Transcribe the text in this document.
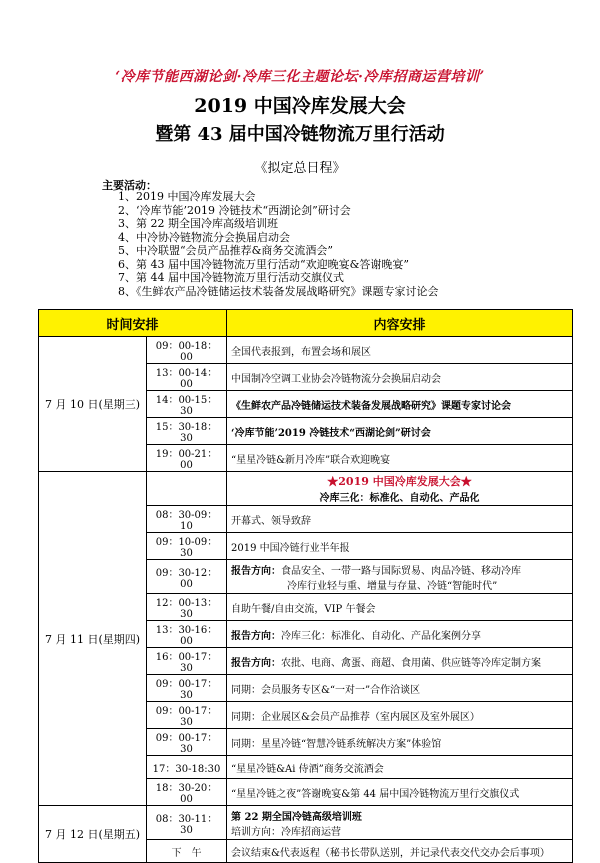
‘冷库节能西湖论剑·冷库三化主题论坛·冷库招商运营培训’
2019 中国冷库发展大会
暨第 43 届中国冷链物流万里行活动
《拟定总日程》
主要活动：
1、2019 中国冷库发展大会
2、‘冷库节能’2019 冷链技术“西湖论剑”研讨会
3、第 22 期全国冷库高级培训班
4、中冷协冷链物流分会换届启动会
5、中冷联盟“会员产品推荐&商务交流酒会”
6、第 43 届中国冷链物流万里行活动“欢迎晚宴&答谢晚宴”
7、第 44 届中国冷链物流万里行活动交旗仪式
8、《生鲜农产品冷链储运技术装备发展战略研究》课题专家讨论会
时间安排		内容安排
7 月 10 日(星期三)	09：00-18：00	全国代表报到，布置会场和展区
	13：00-14：00	中国制冷空调工业协会冷链物流分会换届启动会
	14：00-15：30	《生鲜农产品冷链储运技术装备发展战略研究》课题专家讨论会
	15：30-18：30	‘冷库节能’2019 冷链技术“西湖论剑”研讨会
	19：00-21：00	“星星冷链&新月冷库”联合欢迎晚宴
7 月 11 日(星期四)		★2019 中国冷库发展大会★
冷库三化：标准化、自动化、产品化

	08：30-09：10	开幕式、领导致辞
	09：10-09：30	2019 中国冷链行业半年报
	09：30-12：00	报告方向：食品安全、一带一路与国际贸易、肉品冷链、移动冷库
冷库行业轻与重、增量与存量、冷链“智能时代”

	12：00-13：30	自助午餐/自由交流，VIP 午餐会
	13：30-16：00	报告方向：冷库三化：标准化、自动化、产品化案例分享
	16：00-17：30	报告方向：农批、电商、禽蛋、商超、食用菌、供应链等冷库定制方案
	09：00-17：30	同期：会员服务专区&“一对一”合作洽谈区
	09：00-17：30	同期：企业展区&会员产品推荐（室内展区及室外展区）
	09：00-17：30	同期：星星冷链“智慧冷链系统解决方案”体验馆
	17：30-18:30	“星星冷链&Ai 侍酒”商务交流酒会
	18：30-20：00	“星星冷链之夜”答谢晚宴&第 44 届中国冷链物流万里行交旗仪式
7 月 12 日(星期五)	08：30-11：30	第 22 期全国冷链高级培训班
培训方向：冷库招商运营
	下　午	会议结束&代表返程（秘书长带队送别，并记录代表交代交办会后事项）
